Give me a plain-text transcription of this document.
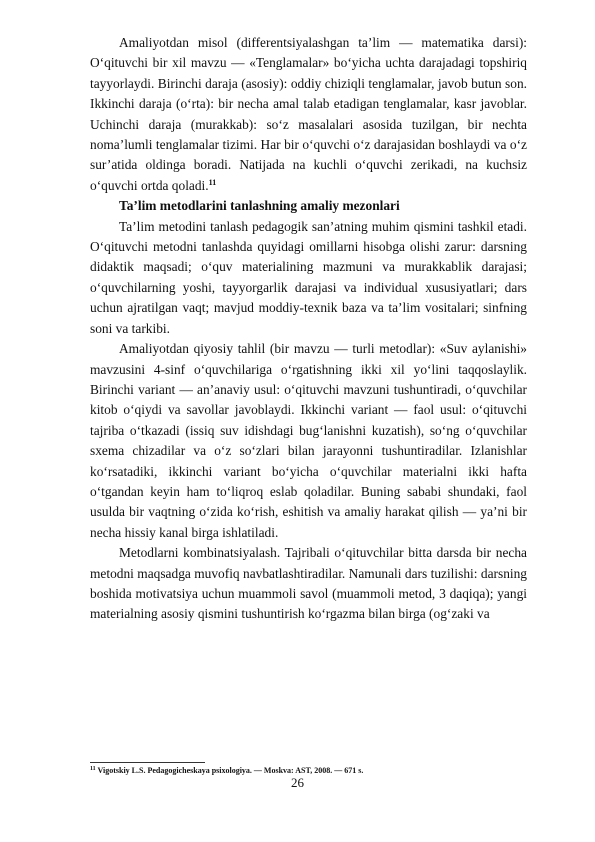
Amaliyotdan misol (differentsiyalashgan ta’lim — matematika darsi): O‘qituvchi bir xil mavzu — «Tenglamalar» bo‘yicha uchta darajadagi topshiriq tayyorlaydi. Birinchi daraja (asosiy): oddiy chiziqli tenglamalar, javob butun son. Ikkinchi daraja (o‘rta): bir necha amal talab etadigan tenglamalar, kasr javoblar. Uchinchi daraja (murakkab): so‘z masalalari asosida tuzilgan, bir nechta noma’lumli tenglamalar tizimi. Har bir o‘quvchi o‘z darajasidan boshlaydi va o‘z sur’atida oldinga boradi. Natijada na kuchli o‘quvchi zerikadi, na kuchsiz o‘quvchi ortda qoladi.$^{11}$

Ta’lim metodlarini tanlashning amaliy mezonlari

Ta’lim metodini tanlash pedagogik san’atning muhim qismini tashkil etadi. O‘qituvchi metodni tanlashda quyidagi omillarni hisobga olishi zarur: darsning didaktik maqsadi; o‘quv materialining mazmuni va murakkablik darajasi; o‘quvchilarning yoshi, tayyorgarlik darajasi va individual xususiyatlari; dars uchun ajratilgan vaqt; mavjud moddiy-texnik baza va ta’lim vositalari; sinfning soni va tarkibi.

Amaliyotdan qiyosiy tahlil (bir mavzu — turli metodlar): «Suv aylanishi» mavzusini 4-sinf o‘quvchilariga o‘rgatishning ikki xil yo‘lini taqqoslaylik. Birinchi variant — an’anaviy usul: o‘qituvchi mavzuni tushuntiradi, o‘quvchilar kitob o‘qiydi va savollar javoblaydi. Ikkinchi variant — faol usul: o‘qituvchi tajriba o‘tkazadi (issiq suv idishdagi bug‘lanishni kuzatish), so‘ng o‘quvchilar sxema chizadilar va o‘z so‘zlari bilan jarayonni tushuntiradilar. Izlanishlar ko‘rsatadiki, ikkinchi variant bo‘yicha o‘quvchilar materialni ikki hafta o‘tgandan keyin ham to‘liqroq eslab qoladilar. Buning sababi shundaki, faol usulda bir vaqtning o‘zida ko‘rish, eshitish va amaliy harakat qilish — ya’ni bir necha hissiy kanal birga ishlatiladi.

Metodlarni kombinatsiyalash. Tajribali o‘qituvchilar bitta darsda bir necha metodni maqsadga muvofiq navbatlashtiradilar. Namunali dars tuzilishi: darsning boshida motivatsiya uchun muammoli savol (muammoli metod, 3 daqiqa); yangi materialning asosiy qismini tushuntirish ko‘rgazma bilan birga (og‘zaki va

$^{11}$ Vigotskiy L.S. Pedagogicheskaya psixologiya. — Moskva: AST, 2008. — 671 s.
26
